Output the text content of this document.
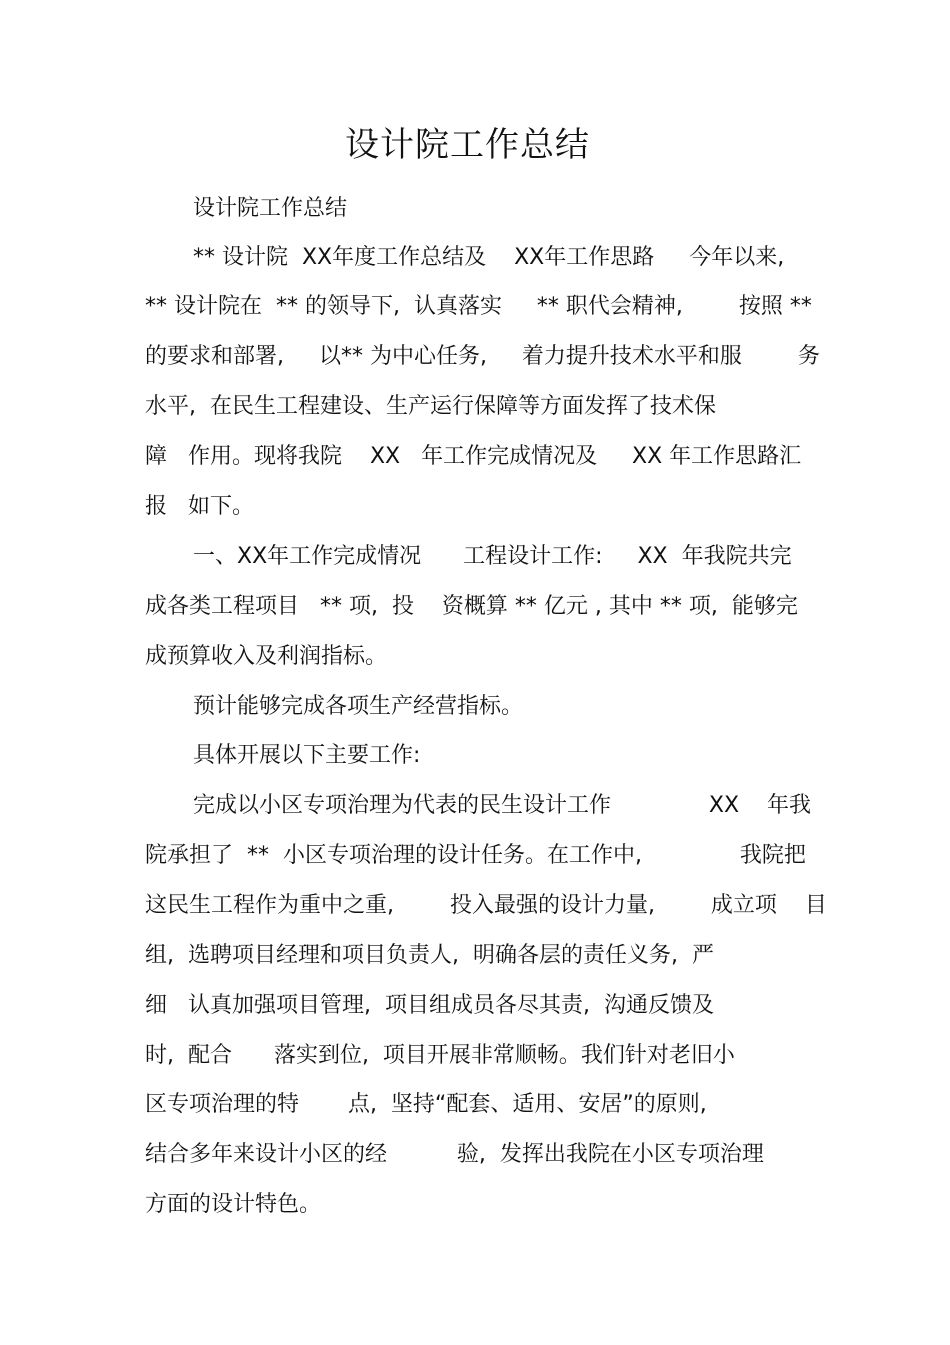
设计院工作总结
设计院工作总结
** 设计院  XX年度工作总结及    XX年工作思路     今年以来,
** 设计院在  ** 的领导下,  认真落实     ** 职代会精神,        按照 **
的要求和部署,     以** 为中心任务,     着力提升技术水平和服        务
水平,  在民生工程建设、生产运行保障等方面发挥了技术保
障   作用。现将我院    XX   年工作完成情况及     XX 年工作思路汇
报   如下。
一、XX年工作完成情况      工程设计工作:     XX  年我院共完
成各类工程项目   ** 项,  投    资概算 ** 亿元 , 其中 ** 项,  能够完
成预算收入及利润指标。
预计能够完成各项生产经营指标。
具体开展以下主要工作:
完成以小区专项治理为代表的民生设计工作              XX    年我
院承担了  **  小区专项治理的设计任务。在工作中,              我院把
这民生工程作为重中之重,        投入最强的设计力量,        成立项    目
组,  选聘项目经理和项目负责人,  明确各层的责任义务,  严
细   认真加强项目管理,  项目组成员各尽其责,  沟通反馈及
时,  配合      落实到位,  项目开展非常顺畅。我们针对老旧小
区专项治理的特       点,  坚持“配套、适用、安居”的原则,
结合多年来设计小区的经          验,  发挥出我院在小区专项治理
方面的设计特色。
